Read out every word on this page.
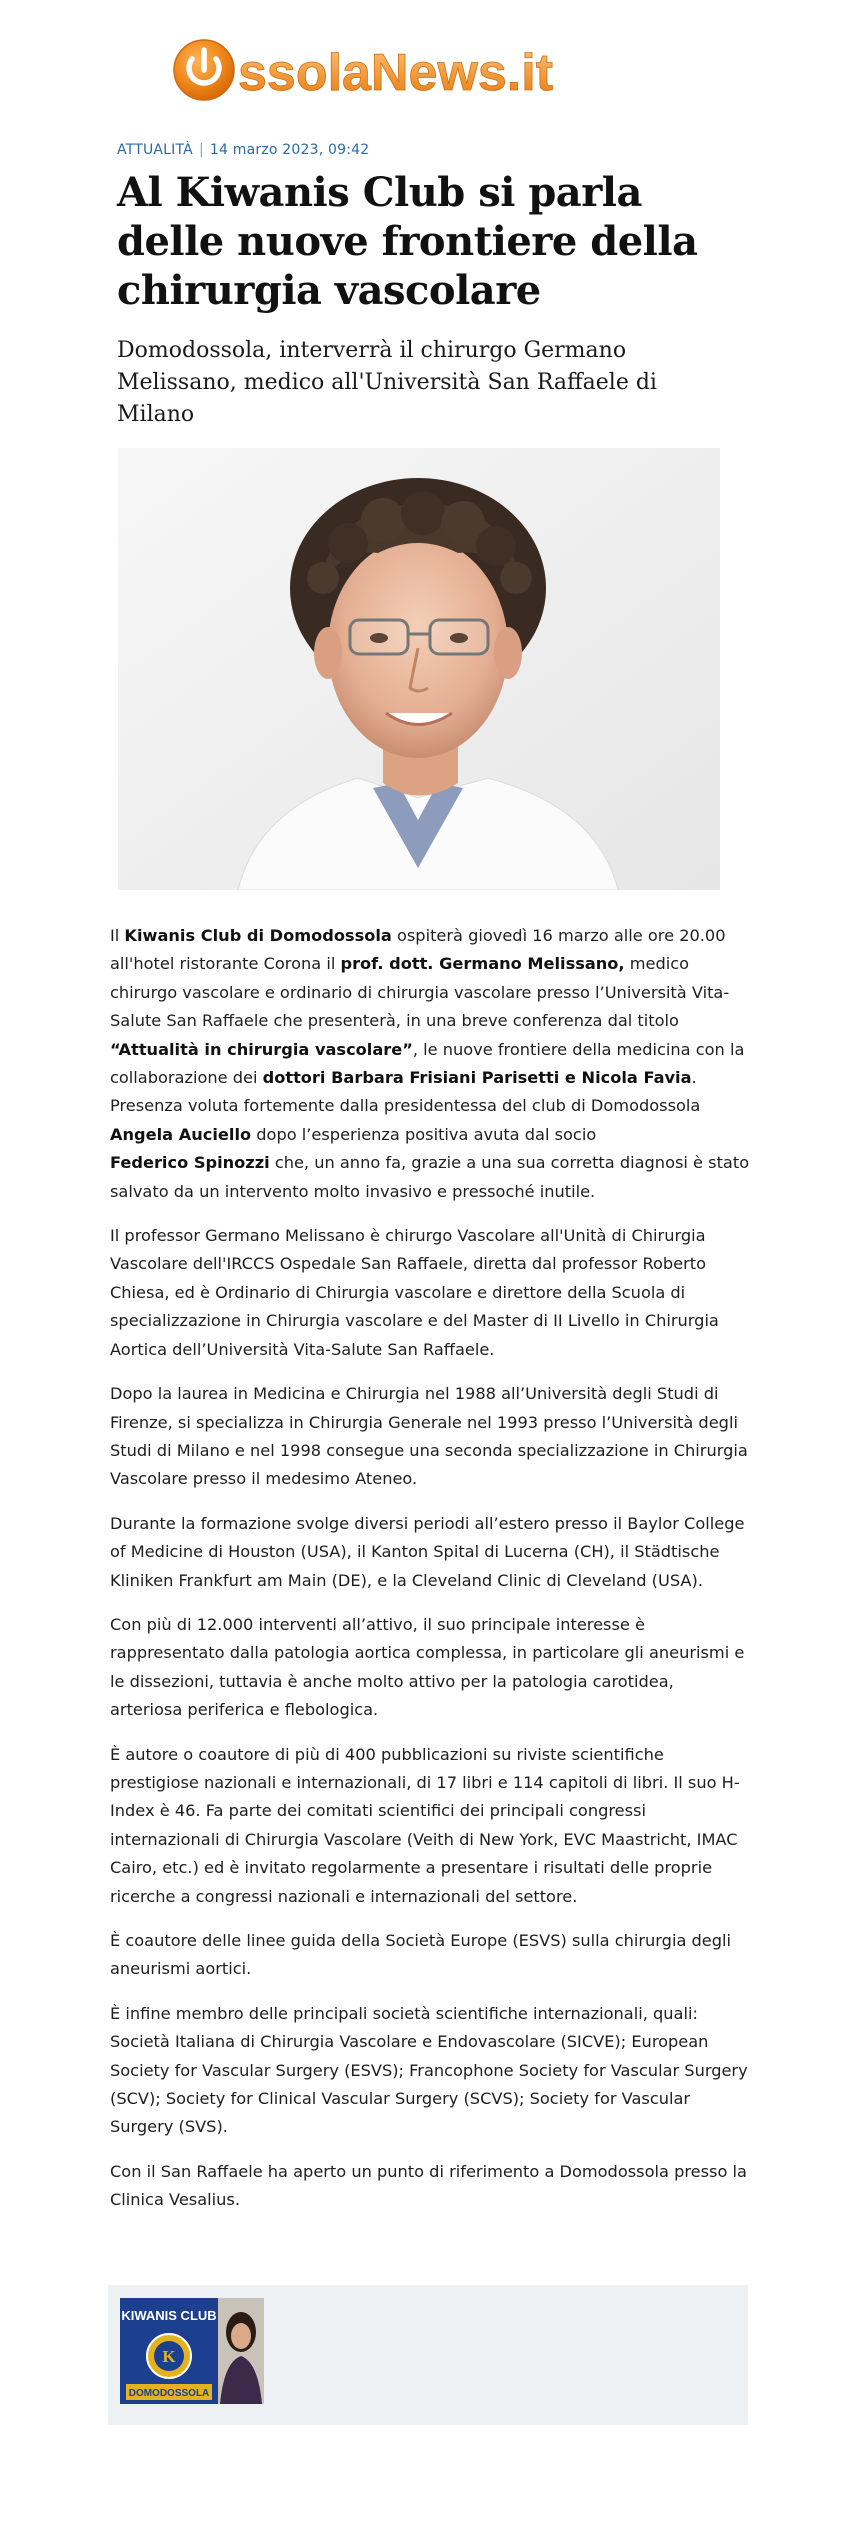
ssolaNews.it
ATTUALITÀ | 14 marzo 2023, 09:42
Al Kiwanis Club si parla delle nuove frontiere della chirurgia vascolare

Domodossola, interverrà il chirurgo Germano Melissano, medico all'Università San Raffaele di Milano

Il Kiwanis Club di Domodossola ospiterà giovedì 16 marzo alle ore 20.00 all'hotel ristorante Corona il prof. dott. Germano Melissano, medico chirurgo vascolare e ordinario di chirurgia vascolare presso l’Università Vita-Salute San Raffaele che presenterà, in una breve conferenza dal titolo
“Attualità in chirurgia vascolare”, le nuove frontiere della medicina con la collaborazione dei dottori Barbara Frisiani Parisetti e Nicola Favia. Presenza voluta fortemente dalla presidentessa del club di Domodossola Angela Auciello dopo l’esperienza positiva avuta dal socio
Federico Spinozzi che, un anno fa, grazie a una sua corretta diagnosi è stato salvato da un intervento molto invasivo e pressoché inutile.

Il professor Germano Melissano è chirurgo Vascolare all'Unità di Chirurgia Vascolare dell'IRCCS Ospedale San Raffaele, diretta dal professor Roberto Chiesa, ed è Ordinario di Chirurgia vascolare e direttore della Scuola di specializzazione in Chirurgia vascolare e del Master di II Livello in Chirurgia Aortica dell’Università Vita-Salute San Raffaele.

Dopo la laurea in Medicina e Chirurgia nel 1988 all’Università degli Studi di Firenze, si specializza in Chirurgia Generale nel 1993 presso l’Università degli Studi di Milano e nel 1998 consegue una seconda specializzazione in Chirurgia Vascolare presso il medesimo Ateneo.

Durante la formazione svolge diversi periodi all’estero presso il Baylor College of Medicine di Houston (USA), il Kanton Spital di Lucerna (CH), il Städtische Kliniken Frankfurt am Main (DE), e la Cleveland Clinic di Cleveland (USA).

Con più di 12.000 interventi all’attivo, il suo principale interesse è rappresentato dalla patologia aortica complessa, in particolare gli aneurismi e le dissezioni, tuttavia è anche molto attivo per la patologia carotidea, arteriosa periferica e flebologica.

È autore o coautore di più di 400 pubblicazioni su riviste scientifiche prestigiose nazionali e internazionali, di 17 libri e 114 capitoli di libri. Il suo H-Index è 46. Fa parte dei comitati scientifici dei principali congressi internazionali di Chirurgia Vascolare (Veith di New York, EVC Maastricht, IMAC Cairo, etc.) ed è invitato regolarmente a presentare i risultati delle proprie ricerche a congressi nazionali e internazionali del settore.

È coautore delle linee guida della Società Europe (ESVS) sulla chirurgia degli aneurismi aortici.

È infine membro delle principali società scientifiche internazionali, quali: Società Italiana di Chirurgia Vascolare e Endovascolare (SICVE); European Society for Vascular Surgery (ESVS); Francophone Society for Vascular Surgery (SCV); Society for Clinical Vascular Surgery (SCVS); Society for Vascular Surgery (SVS).

Con il San Raffaele ha aperto un punto di riferimento a Domodossola presso la Clinica Vesalius.

KIWANIS CLUB
K
DOMODOSSOLA
